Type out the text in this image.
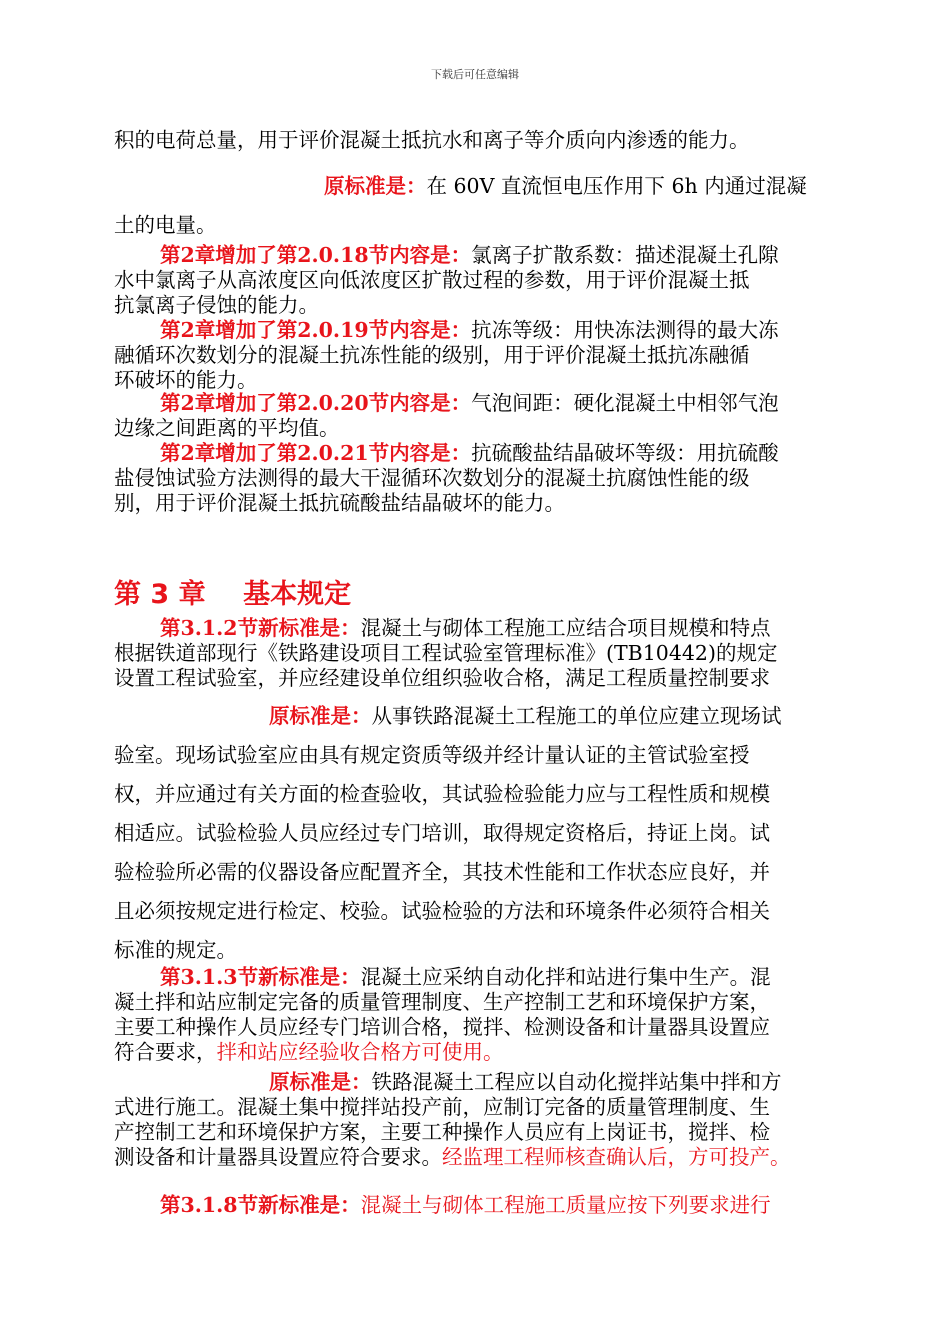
下载后可任意编辑
积的电荷总量，用于评价混凝土抵抗水和离子等介质向内渗透的能力。
原标准是：在 60V 直流恒电压作用下 6h 内通过混凝
土的电量。
第2章增加了第2.0.18节内容是：氯离子扩散系数：描述混凝土孔隙
水中氯离子从高浓度区向低浓度区扩散过程的参数，用于评价混凝土抵
抗氯离子侵蚀的能力。
第2章增加了第2.0.19节内容是：抗冻等级：用快冻法测得的最大冻
融循环次数划分的混凝土抗冻性能的级别，用于评价混凝土抵抗冻融循
环破坏的能力。
第2章增加了第2.0.20节内容是：气泡间距：硬化混凝土中相邻气泡
边缘之间距离的平均值。
第2章增加了第2.0.21节内容是：抗硫酸盐结晶破坏等级：用抗硫酸
盐侵蚀试验方法测得的最大干湿循环次数划分的混凝土抗腐蚀性能的级
别，用于评价混凝土抵抗硫酸盐结晶破坏的能力。
第 3 章    基本规定
第3.1.2节新标准是：混凝土与砌体工程施工应结合项目规模和特点
根据铁道部现行《铁路建设项目工程试验室管理标准》(TB10442)的规定
设置工程试验室，并应经建设单位组织验收合格，满足工程质量控制要求
原标准是：从事铁路混凝土工程施工的单位应建立现场试
验室。现场试验室应由具有规定资质等级并经计量认证的主管试验室授
权，并应通过有关方面的检查验收，其试验检验能力应与工程性质和规模
相适应。试验检验人员应经过专门培训，取得规定资格后，持证上岗。试
验检验所必需的仪器设备应配置齐全，其技术性能和工作状态应良好，并
且必须按规定进行检定、校验。试验检验的方法和环境条件必须符合相关
标准的规定。
第3.1.3节新标准是：混凝土应采纳自动化拌和站进行集中生产。混
凝土拌和站应制定完备的质量管理制度、生产控制工艺和环境保护方案，
主要工种操作人员应经专门培训合格，搅拌、检测设备和计量器具设置应
符合要求，拌和站应经验收合格方可使用。
原标准是：铁路混凝土工程应以自动化搅拌站集中拌和方
式进行施工。混凝土集中搅拌站投产前，应制订完备的质量管理制度、生
产控制工艺和环境保护方案，主要工种操作人员应有上岗证书，搅拌、检
测设备和计量器具设置应符合要求。经监理工程师核查确认后，方可投产。
第3.1.8节新标准是：混凝土与砌体工程施工质量应按下列要求进行
